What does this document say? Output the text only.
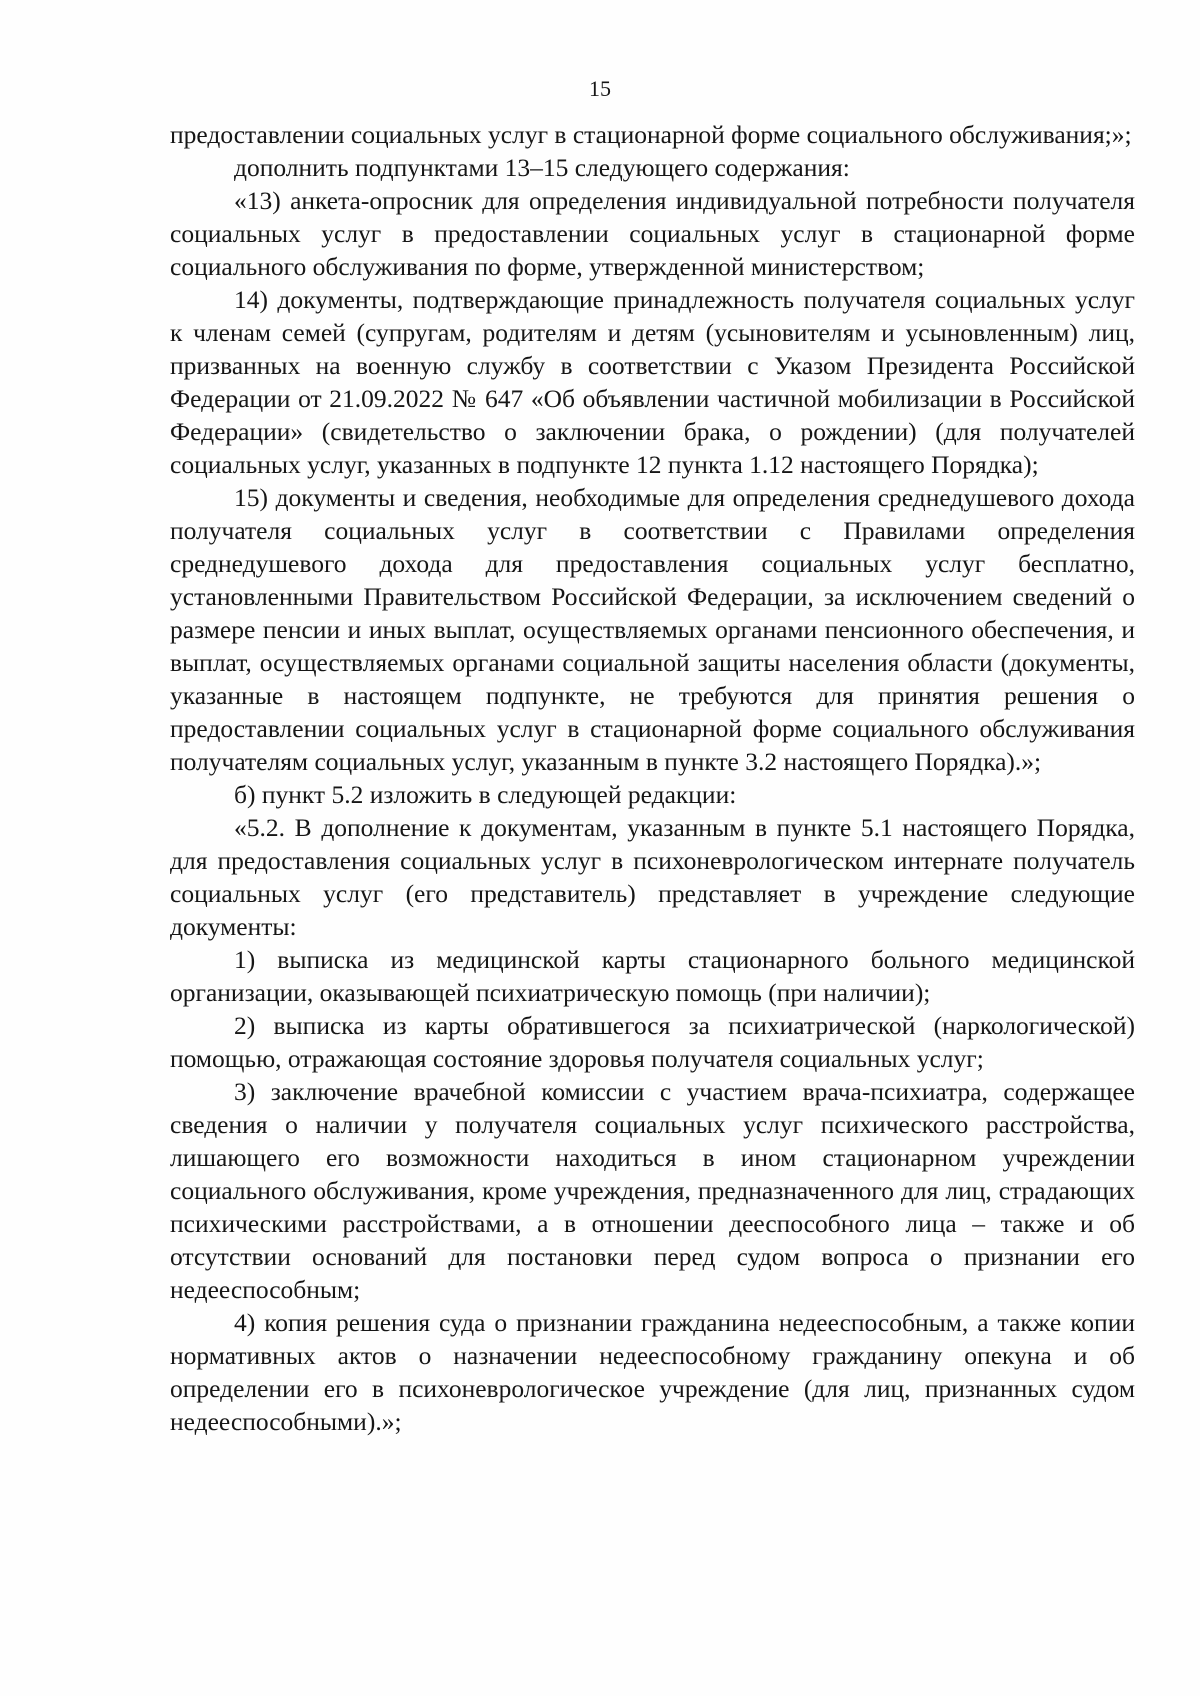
15

предоставлении социальных услуг в стационарной форме социального обслуживания;»;

дополнить подпунктами 13–15 следующего содержания:

«13) анкета-опросник для определения индивидуальной потребности получателя социальных услуг в предоставлении социальных услуг в стационарной форме социального обслуживания по форме, утвержденной министерством;

14) документы, подтверждающие принадлежность получателя социальных услуг к членам семей (супругам, родителям и детям (усыновителям и усыновленным) лиц, призванных на военную службу в соответствии с Указом Президента Российской Федерации от 21.09.2022 № 647 «Об объявлении частичной мобилизации в Российской Федерации» (свидетельство о заключении брака, о рождении) (для получателей социальных услуг, указанных в подпункте 12 пункта 1.12 настоящего Порядка);

15) документы и сведения, необходимые для определения среднедушевого дохода получателя социальных услуг в соответствии с Правилами определения среднедушевого дохода для предоставления социальных услуг бесплатно, установленными Правительством Российской Федерации, за исключением сведений о размере пенсии и иных выплат, осуществляемых органами пенсионного обеспечения, и выплат, осуществляемых органами социальной защиты населения области (документы, указанные в настоящем подпункте, не требуются для принятия решения о предоставлении социальных услуг в стационарной форме социального обслуживания получателям социальных услуг, указанным в пункте 3.2 настоящего Порядка).»;

б) пункт 5.2 изложить в следующей редакции:

«5.2. В дополнение к документам, указанным в пункте 5.1 настоящего Порядка, для предоставления социальных услуг в психоневрологическом интернате получатель социальных услуг (его представитель) представляет в учреждение следующие документы:

1) выписка из медицинской карты стационарного больного медицинской организации, оказывающей психиатрическую помощь (при наличии);

2) выписка из карты обратившегося за психиатрической (наркологической) помощью, отражающая состояние здоровья получателя социальных услуг;

3) заключение врачебной комиссии с участием врача-психиатра, содержащее сведения о наличии у получателя социальных услуг психического расстройства, лишающего его возможности находиться в ином стационарном учреждении социального обслуживания, кроме учреждения, предназначенного для лиц, страдающих психическими расстройствами, а в отношении дееспособного лица – также и об отсутствии оснований для постановки перед судом вопроса о признании его недееспособным;

4) копия решения суда о признании гражданина недееспособным, а также копии нормативных актов о назначении недееспособному гражданину опекуна и об определении его в психоневрологическое учреждение (для лиц, признанных судом недееспособными).»;
